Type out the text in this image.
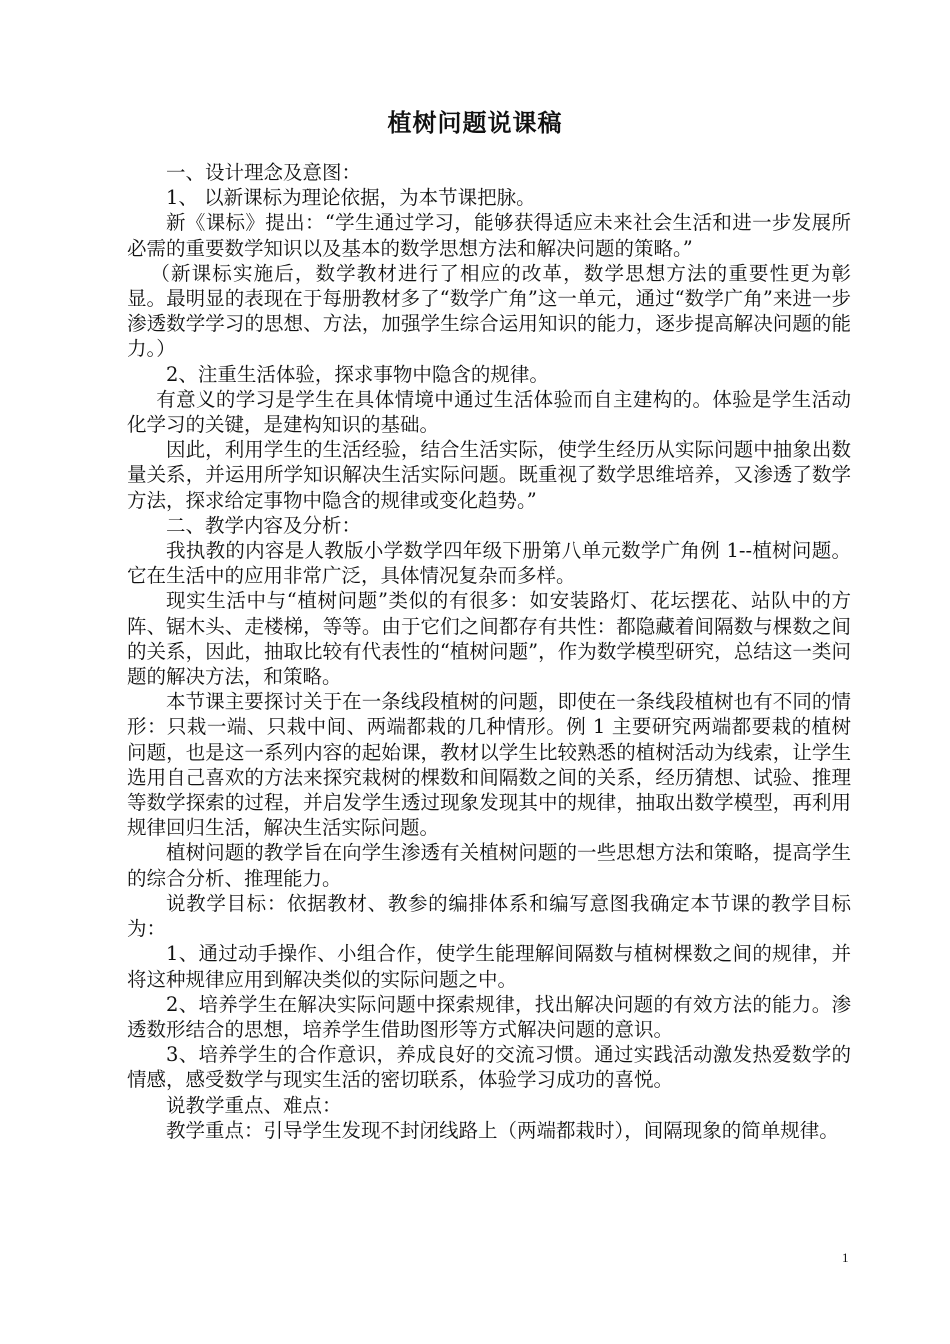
植树问题说课稿

一、设计理念及意图：

1、 以新课标为理论依据，为本节课把脉。

新《课标》提出：“学生通过学习，能够获得适应未来社会生活和进一步发展所必需的重要数学知识以及基本的数学思想方法和解决问题的策略。”

（新课标实施后，数学教材进行了相应的改革，数学思想方法的重要性更为彰显。最明显的表现在于每册教材多了“数学广角”这一单元，通过“数学广角”来进一步渗透数学学习的思想、方法，加强学生综合运用知识的能力，逐步提高解决问题的能力。）

2、注重生活体验，探求事物中隐含的规律。

有意义的学习是学生在具体情境中通过生活体验而自主建构的。体验是学生活动化学习的关键，是建构知识的基础。

因此，利用学生的生活经验，结合生活实际，使学生经历从实际问题中抽象出数量关系，并运用所学知识解决生活实际问题。既重视了数学思维培养，又渗透了数学方法，探求给定事物中隐含的规律或变化趋势。”

二、教学内容及分析：

我执教的内容是人教版小学数学四年级下册第八单元数学广角例 1--植树问题。它在生活中的应用非常广泛，具体情况复杂而多样。

现实生活中与“植树问题”类似的有很多：如安装路灯、花坛摆花、站队中的方阵、锯木头、走楼梯，等等。由于它们之间都存有共性：都隐藏着间隔数与棵数之间的关系，因此，抽取比较有代表性的“植树问题”，作为数学模型研究，总结这一类问题的解决方法，和策略。

本节课主要探讨关于在一条线段植树的问题，即使在一条线段植树也有不同的情形：只栽一端、只栽中间、两端都栽的几种情形。例 1 主要研究两端都要栽的植树问题，也是这一系列内容的起始课，教材以学生比较熟悉的植树活动为线索，让学生选用自己喜欢的方法来探究栽树的棵数和间隔数之间的关系，经历猜想、试验、推理等数学探索的过程，并启发学生透过现象发现其中的规律，抽取出数学模型，再利用规律回归生活，解决生活实际问题。

植树问题的教学旨在向学生渗透有关植树问题的一些思想方法和策略，提高学生的综合分析、推理能力。

说教学目标：依据教材、教参的编排体系和编写意图我确定本节课的教学目标为：

1、通过动手操作、小组合作，使学生能理解间隔数与植树棵数之间的规律，并将这种规律应用到解决类似的实际问题之中。

2、培养学生在解决实际问题中探索规律，找出解决问题的有效方法的能力。渗透数形结合的思想，培养学生借助图形等方式解决问题的意识。

3、培养学生的合作意识，养成良好的交流习惯。通过实践活动激发热爱数学的情感，感受数学与现实生活的密切联系，体验学习成功的喜悦。

说教学重点、难点：

教学重点：引导学生发现不封闭线路上（两端都栽时），间隔现象的简单规律。

1
